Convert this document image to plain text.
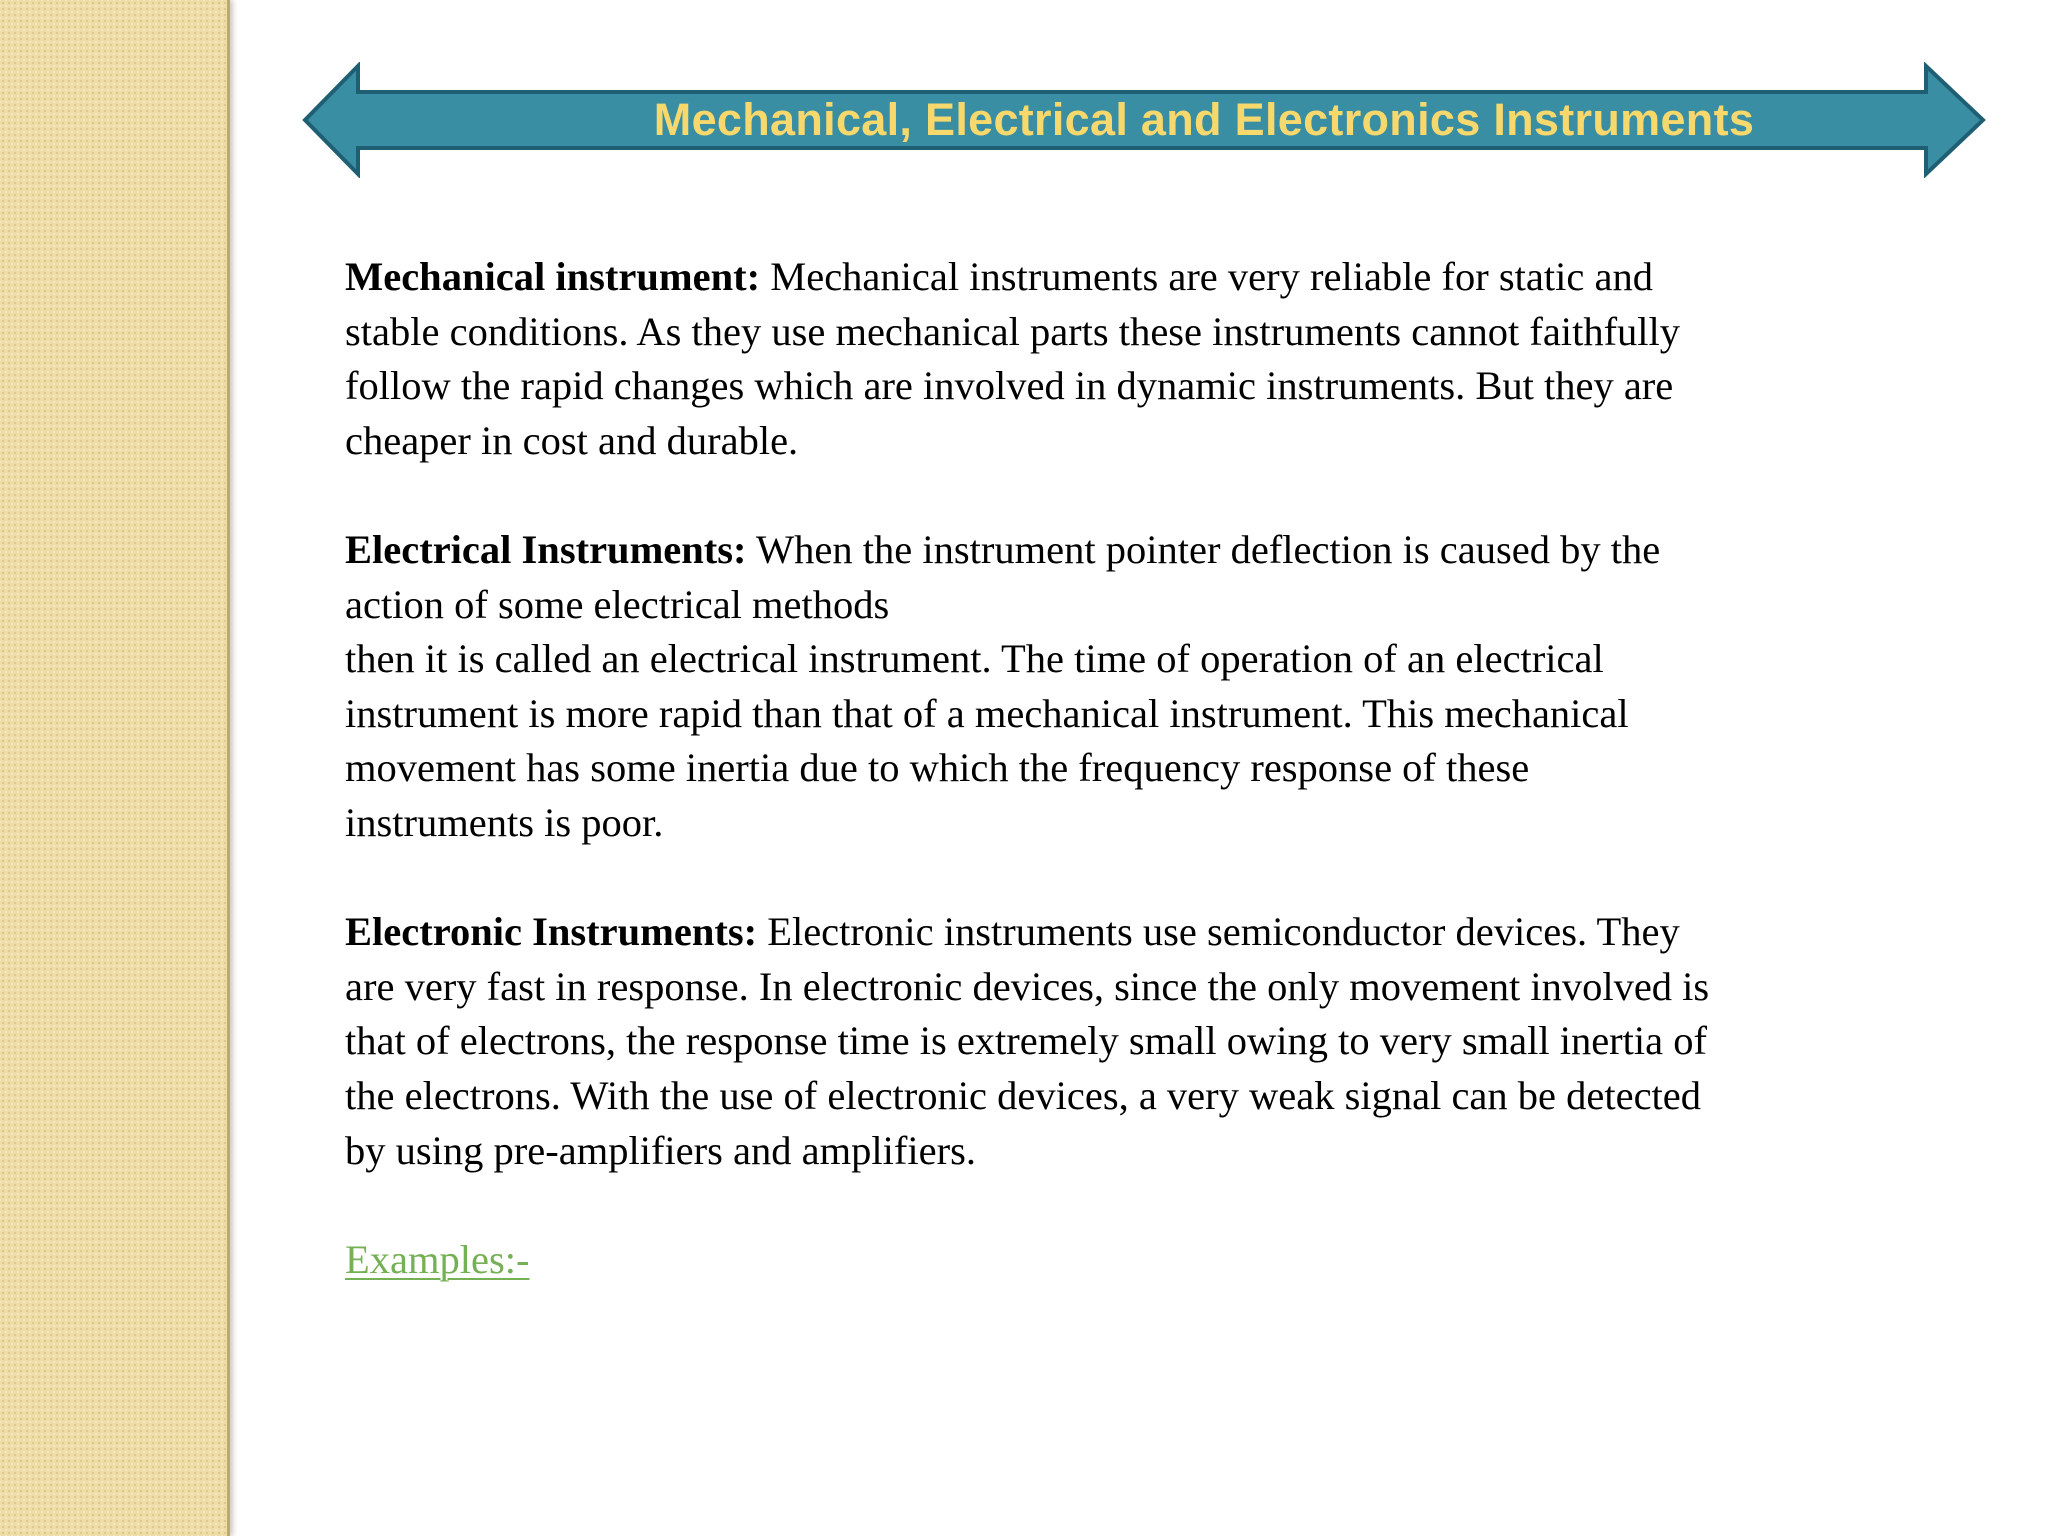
Mechanical, Electrical and Electronics Instruments
Mechanical instrument: Mechanical instruments are very reliable for static and
stable conditions. As they use mechanical parts these instruments cannot faithfully
follow the rapid changes which are involved in dynamic instruments. But they are
cheaper in cost and durable.
Electrical Instruments: When the instrument pointer deflection is caused by the
action of some electrical methods
then it is called an electrical instrument. The time of operation of an electrical
instrument is more rapid than that of a mechanical instrument. This mechanical
movement has some inertia due to which the frequency response of these
instruments is poor.
Electronic Instruments: Electronic instruments use semiconductor devices. They
are very fast in response. In electronic devices, since the only movement involved is
that of electrons, the response time is extremely small owing to very small inertia of
the electrons. With the use of electronic devices, a very weak signal can be detected
by using pre-amplifiers and amplifiers.
Examples:-
